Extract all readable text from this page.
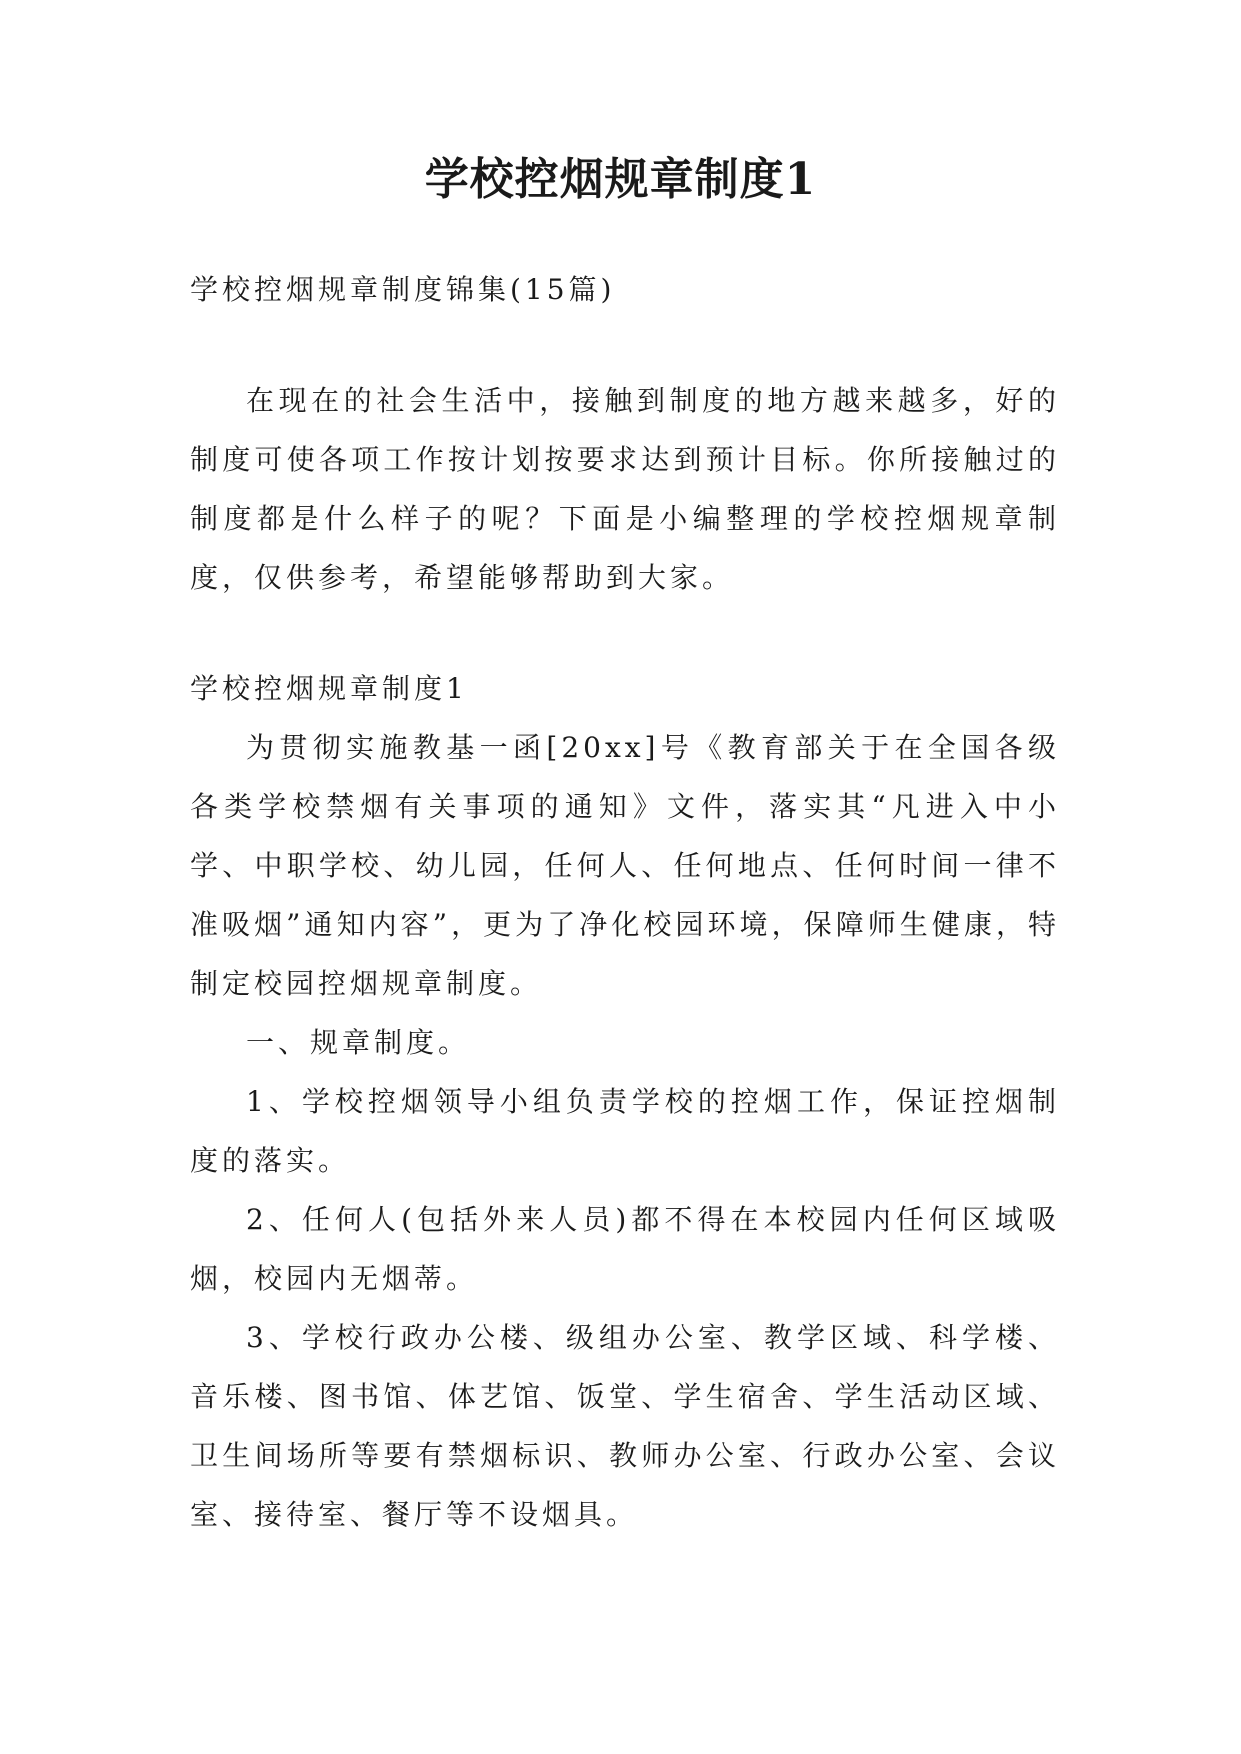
学校控烟规章制度1

学校控烟规章制度锦集(15篇)

在现在的社会生活中，接触到制度的地方越来越多，好的制度可使各项工作按计划按要求达到预计目标。你所接触过的制度都是什么样子的呢？下面是小编整理的学校控烟规章制度，仅供参考，希望能够帮助到大家。

学校控烟规章制度1

为贯彻实施教基一函[20xx]号《教育部关于在全国各级各类学校禁烟有关事项的通知》文件，落实其“凡进入中小学、中职学校、幼儿园，任何人、任何地点、任何时间一律不准吸烟”通知内容”，更为了净化校园环境，保障师生健康，特制定校园控烟规章制度。

一、规章制度。

1、学校控烟领导小组负责学校的控烟工作，保证控烟制度的落实。

2、任何人(包括外来人员)都不得在本校园内任何区域吸烟，校园内无烟蒂。

3、学校行政办公楼、级组办公室、教学区域、科学楼、音乐楼、图书馆、体艺馆、饭堂、学生宿舍、学生活动区域、卫生间场所等要有禁烟标识、教师办公室、行政办公室、会议室、接待室、餐厅等不设烟具。
